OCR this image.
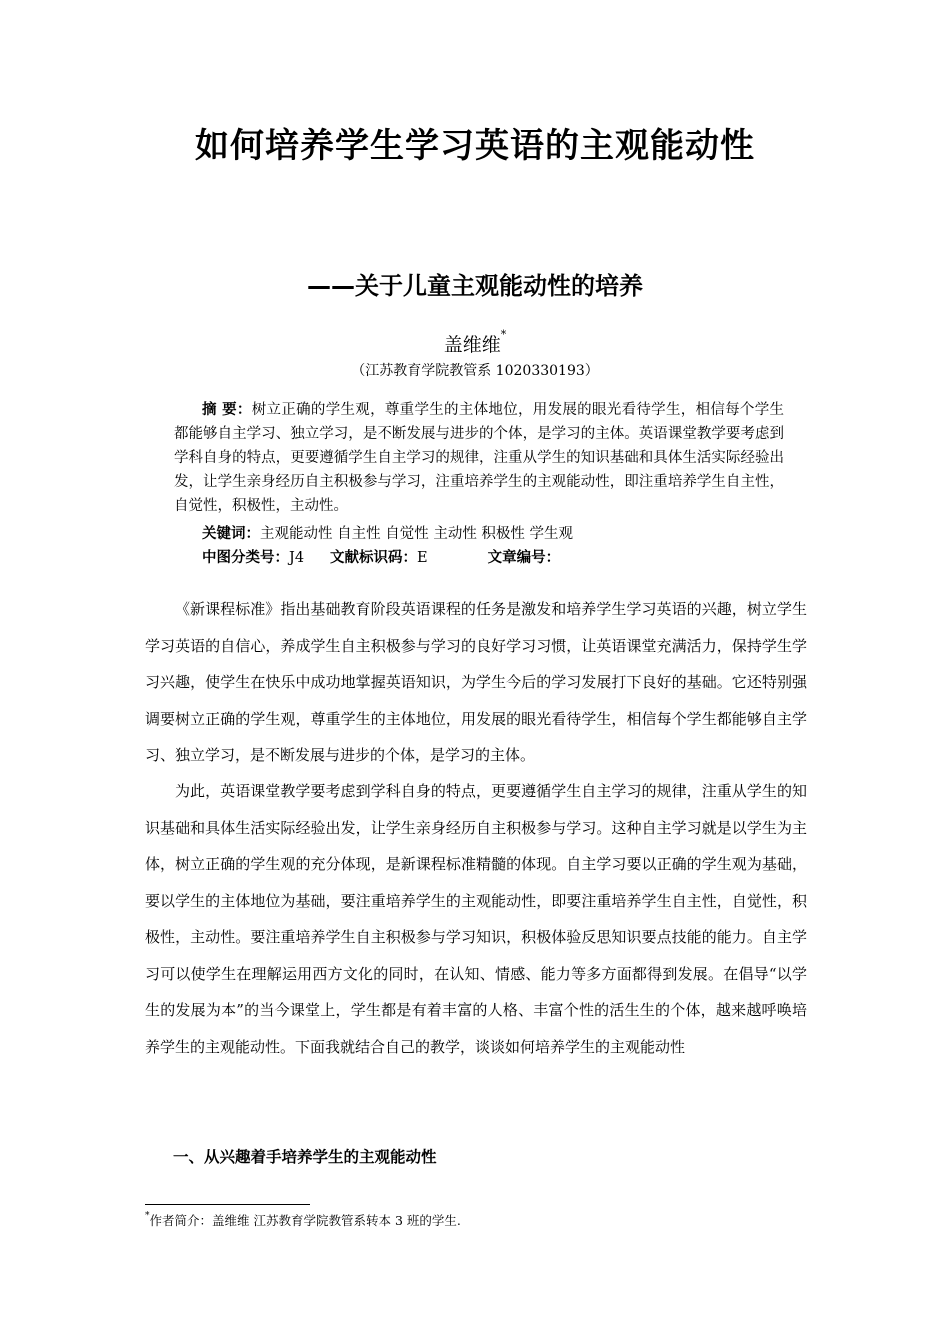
如何培养学生学习英语的主观能动性
——关于儿童主观能动性的培养

盖维维*

（江苏教育学院教管系 1020330193）

摘 要：树立正确的学生观，尊重学生的主体地位，用发展的眼光看待学生，相信每个学生都能够自主学习、独立学习，是不断发展与进步的个体，是学习的主体。英语课堂教学要考虑到学科自身的特点，更要遵循学生自主学习的规律，注重从学生的知识基础和具体生活实际经验出发，让学生亲身经历自主积极参与学习，注重培养学生的主观能动性，即注重培养学生自主性，自觉性，积极性，主动性。

关键词：主观能动性 自主性 自觉性 主动性 积极性 学生观

中图分类号：J4 文献标识码：E	文章编号：

《新课程标准》指出基础教育阶段英语课程的任务是激发和培养学生学习英语的兴趣，树立学生学习英语的自信心，养成学生自主积极参与学习的良好学习习惯，让英语课堂充满活力，保持学生学习兴趣，使学生在快乐中成功地掌握英语知识，为学生今后的学习发展打下良好的基础。它还特别强调要树立正确的学生观，尊重学生的主体地位，用发展的眼光看待学生，相信每个学生都能够自主学习、独立学习，是不断发展与进步的个体，是学习的主体。

为此，英语课堂教学要考虑到学科自身的特点，更要遵循学生自主学习的规律，注重从学生的知识基础和具体生活实际经验出发，让学生亲身经历自主积极参与学习。这种自主学习就是以学生为主体，树立正确的学生观的充分体现，是新课程标准精髓的体现。自主学习要以正确的学生观为基础，要以学生的主体地位为基础，要注重培养学生的主观能动性，即要注重培养学生自主性，自觉性，积极性，主动性。要注重培养学生自主积极参与学习知识，积极体验反思知识要点技能的能力。自主学习可以使学生在理解运用西方文化的同时，在认知、情感、能力等多方面都得到发展。在倡导“以学生的发展为本”的当今课堂上，学生都是有着丰富的人格、丰富个性的活生生的个体，越来越呼唤培养学生的主观能动性。下面我就结合自己的教学，谈谈如何培养学生的主观能动性

一、从兴趣着手培养学生的主观能动性

*作者简介：盖维维 江苏教育学院教管系转本 3 班的学生.
